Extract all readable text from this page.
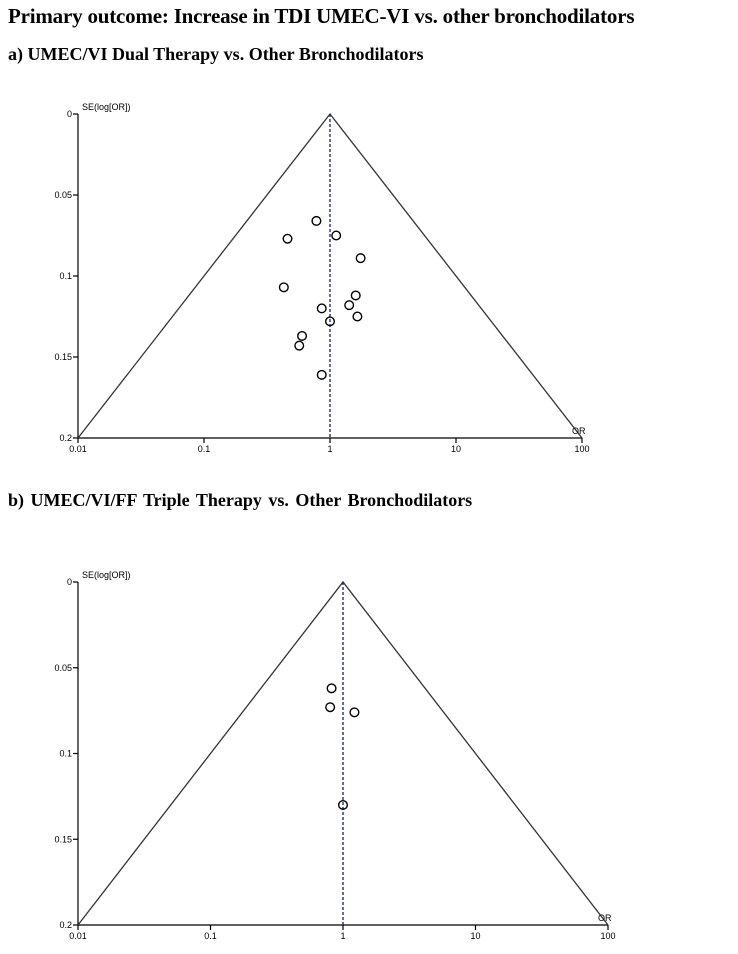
Primary outcome: Increase in TDI UMEC-VI vs. other bronchodilators
a) UMEC/VI Dual Therapy vs. Other Bronchodilators
b) UMEC/VI/FF Triple Therapy vs. Other Bronchodilators
0
0.05
0.1
0.15
0.2
0.01	0.1	1	10	100
SE(log[OR])
OR
0
0.05
0.1
0.15
0.2
0.01	0.1	1	10	100
SE(log[OR])
OR
